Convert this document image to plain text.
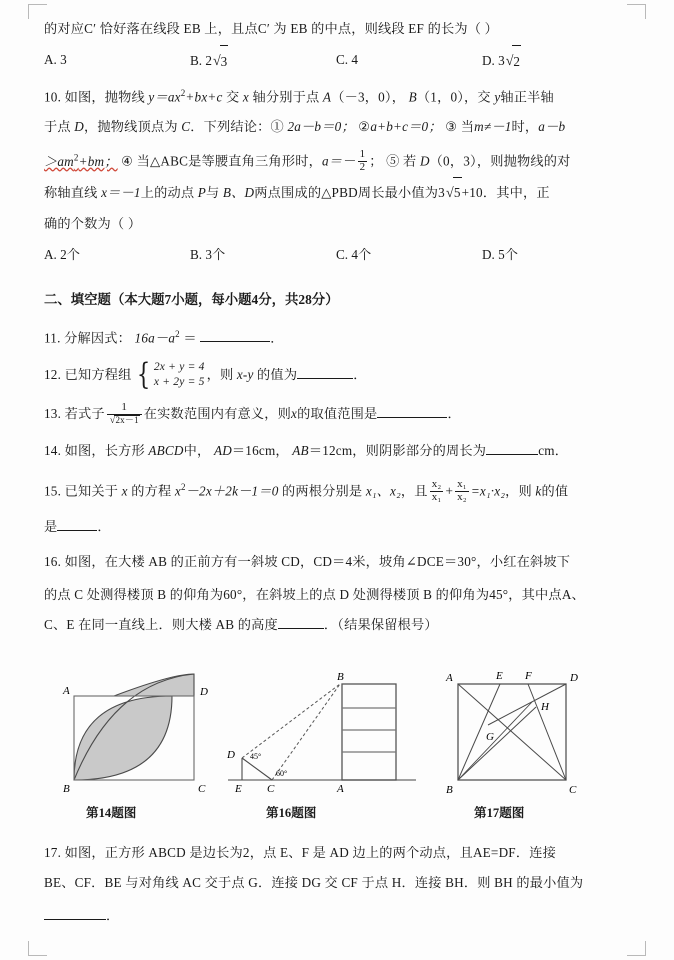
的对应C′ 恰好落在线段 EB 上，且点C′ 为 EB 的中点，则线段 EF 的长为（ ）
A. 3	B. 2√3	C. 4	D. 3√2
10. 如图，抛物线 $y=ax^2+bx+c$ 交 x 轴分别于点 A（－3，0）， B（1，0），交 y轴正半轴
于点 D，抛物线顶点为 C．下列结论：① 2a－b＝0； ②a+b+c＝0； ③ 当m≠－1时，a－b
$>am^2+bm$； ④ 当△ABC是等腰直角三角形时，$a=- \frac{1}{2}$ ； ⑤ 若 D（0，3），则抛物线的对
称轴直线 x＝－1上的动点 P与 B、D两点围成的△PBD周长最小值为3√5+10．其中，正
确的个数为（ ）
A. 2个	B. 3个	C. 4个	D. 5个
二、填空题（本大题7小题，每小题4分，共28分）
11. 分解因式： $16a-a^2$ ＝	．
12. 已知方程组 { 2x + y = 4
x + 2y = 5 ，则 x-y 的值为	．
13. 若式子 $\frac{1}{√2x-1}$ 在实数范围内有意义，则x的取值范围是	．
14. 如图，长方形 ABCD中， AD＝16cm， AB＝12cm，则阴影部分的周长为	cm．
15. 已知关于 x 的方程 $x^2-2x+2k-1=0$ 的两根分别是 x₁、x₂，且 $\frac{\text{x₂}}{\text{x₁}} + \frac{\text{x₁}}{\text{x₂}} =x_1\cdot x_2$，则 k的值
是	．
16. 如图，在大楼 AB 的正前方有一斜坡 CD，CD＝4米，坡角∠DCE＝30°，小红在斜坡下
的点 C 处测得楼顶 B 的仰角为60°，在斜坡上的点 D 处测得楼顶 B 的仰角为45°，其中点A、
C、E 在同一直线上．则大楼 AB 的高度	．（结果保留根号）
A
B	C
D
第14题图
D
E C	A
B
45°
60°
第16题图
A	E F	D
H
G
B	C
第17题图
17. 如图，正方形 ABCD 是边长为2，点 E、F 是 AD 边上的两个动点，且AE=DF．连接
BE、CF．BE 与对角线 AC 交于点 G．连接 DG 交 CF 于点 H．连接 BH．则 BH 的最小值为
．
